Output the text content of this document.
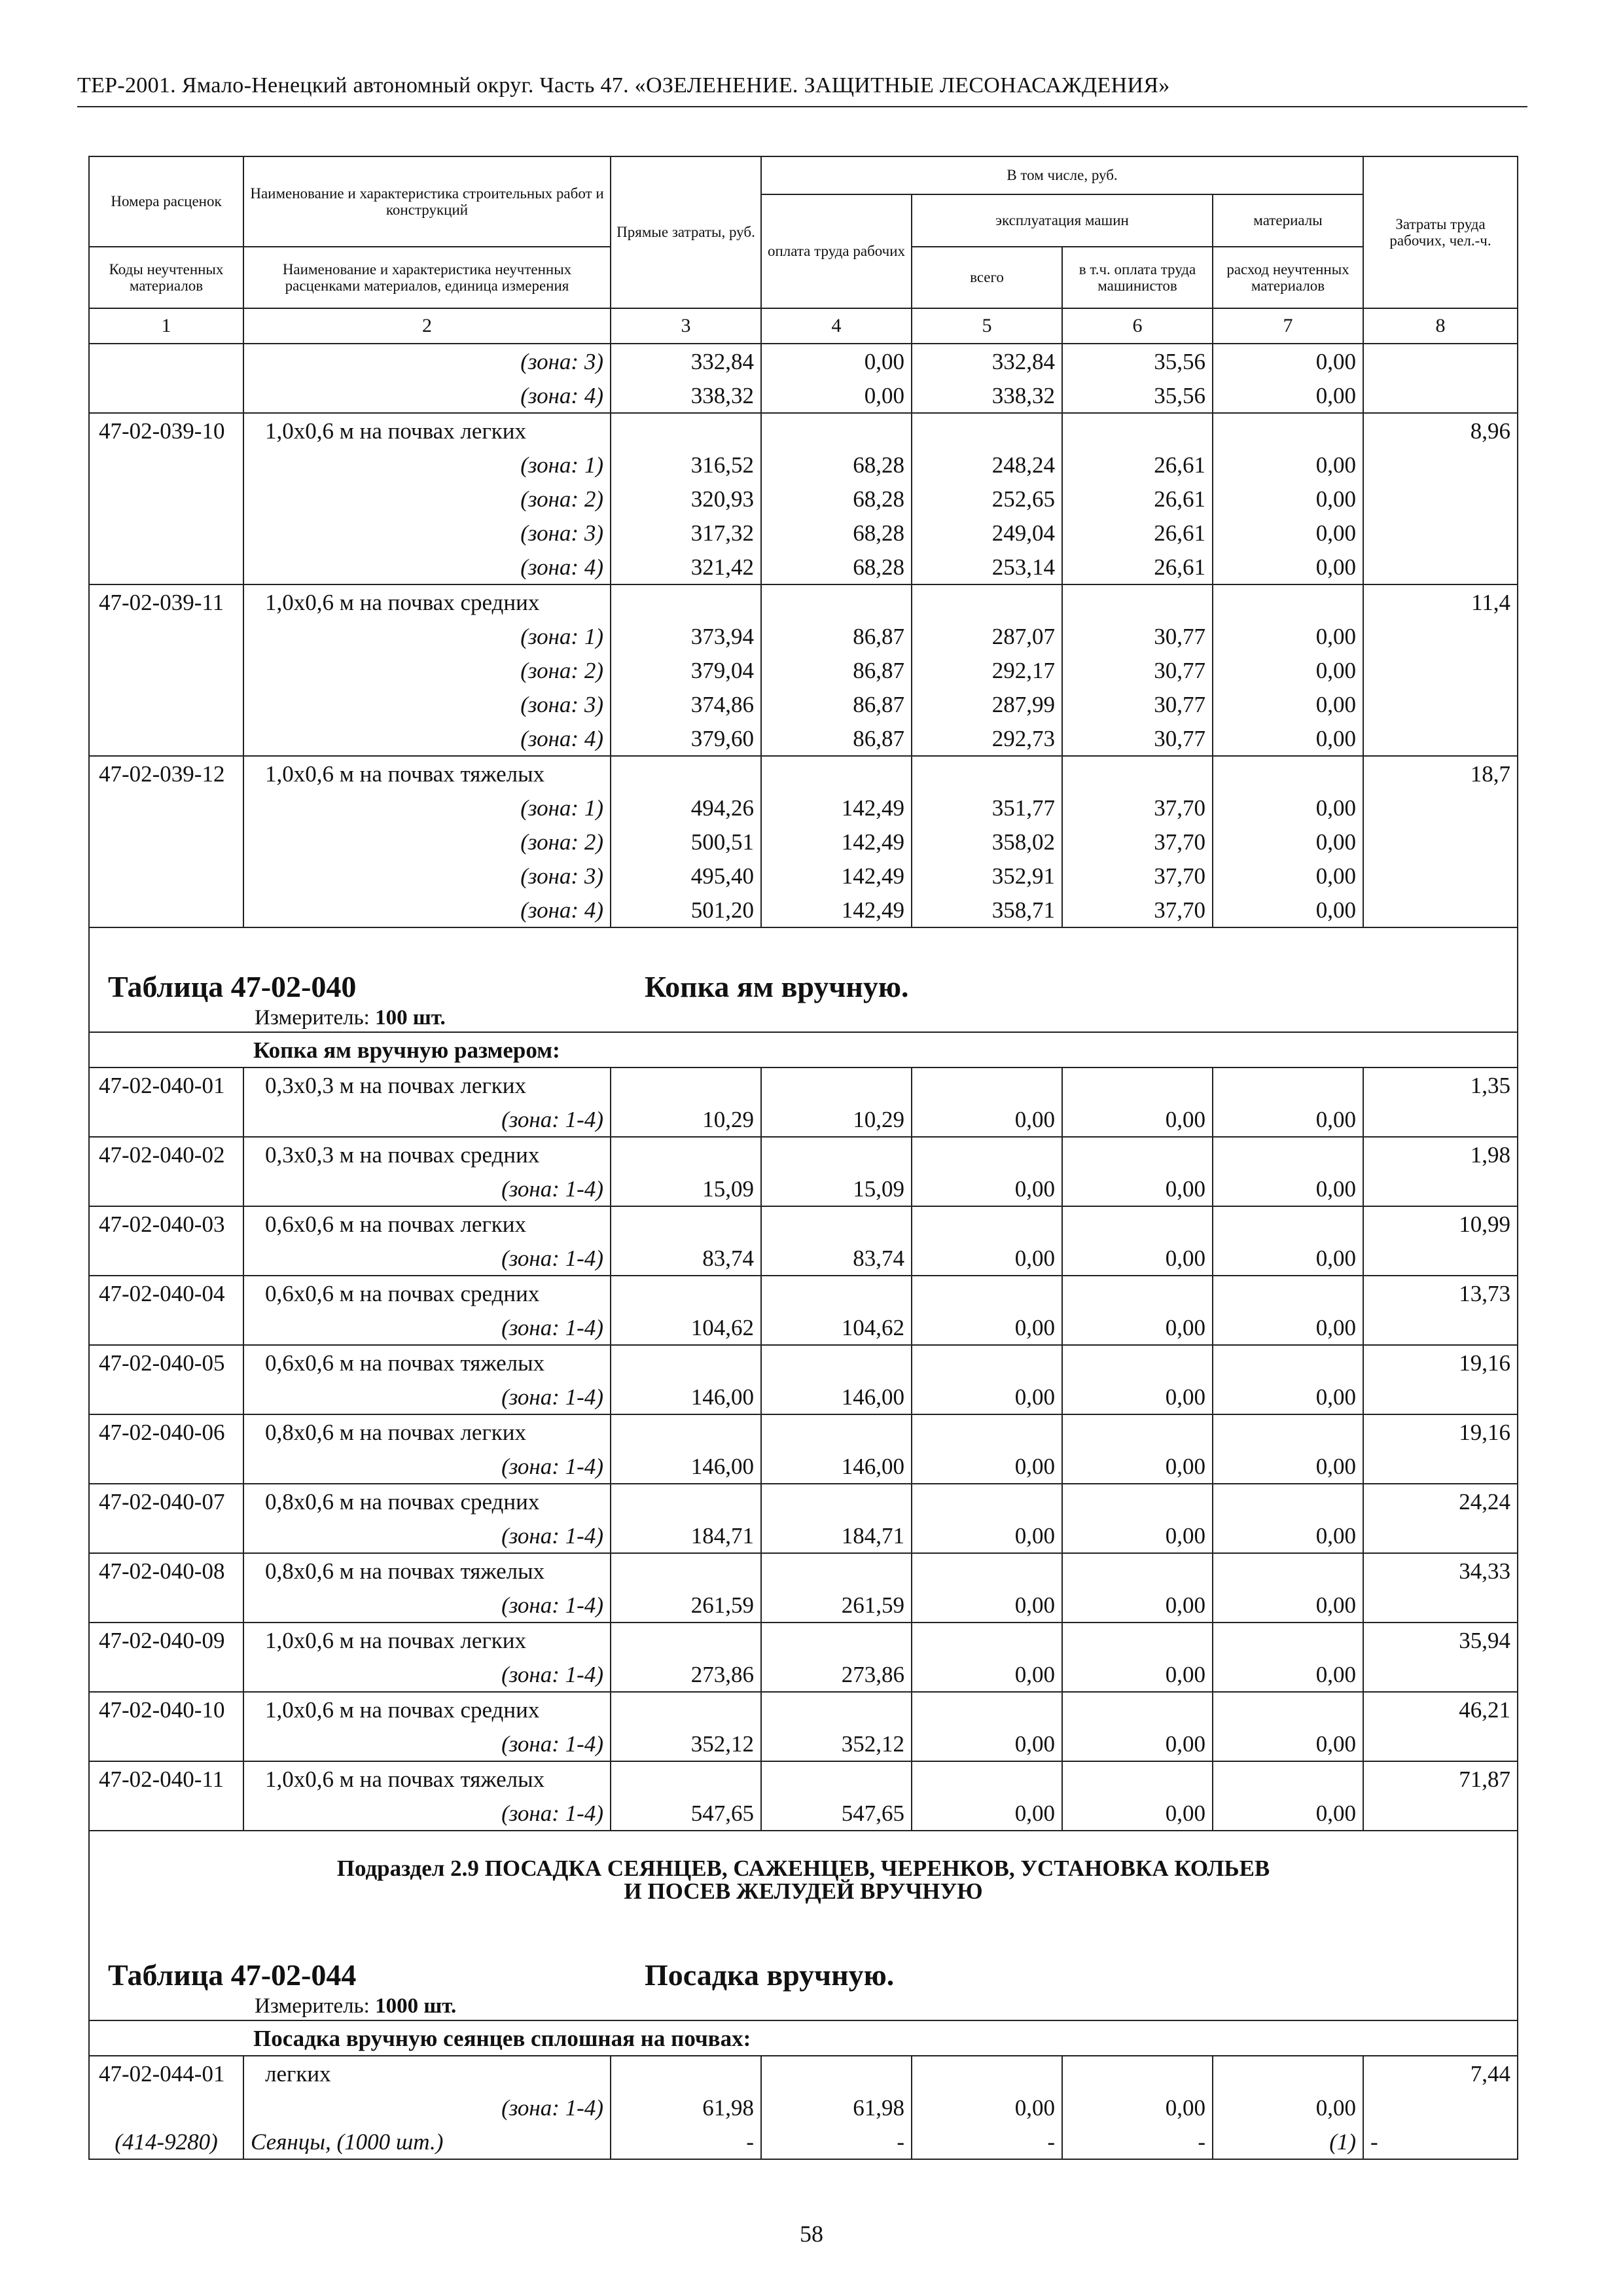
ТЕР-2001. Ямало-Ненецкий автономный округ. Часть 47. «ОЗЕЛЕНЕНИЕ. ЗАЩИТНЫЕ ЛЕСОНАСАЖДЕНИЯ»
Номера расценок	Наименование и характеристика строительных работ и конструкций	Прямые затраты, руб.	В том числе, руб.				Затраты труда рабочих, чел.-ч.
			оплата труда рабочих	эксплуатация машин		материалы	
Коды неучтенных материалов	Наименование и характеристика неучтенных расценками материалов, единица измерения			всего	в т.ч. оплата труда машинистов	расход неучтенных материалов	
1	2	3	4	5	6	7	8
	(зона: 3)	332,84	0,00	332,84	35,56	0,00	
	(зона: 4)	338,32	0,00	338,32	35,56	0,00	
47-02-039-10	1,0х0,6 м на почвах легких						8,96
	(зона: 1)	316,52	68,28	248,24	26,61	0,00	
	(зона: 2)	320,93	68,28	252,65	26,61	0,00	
	(зона: 3)	317,32	68,28	249,04	26,61	0,00	
	(зона: 4)	321,42	68,28	253,14	26,61	0,00	
47-02-039-11	1,0х0,6 м на почвах средних						11,4
	(зона: 1)	373,94	86,87	287,07	30,77	0,00	
	(зона: 2)	379,04	86,87	292,17	30,77	0,00	
	(зона: 3)	374,86	86,87	287,99	30,77	0,00	
	(зона: 4)	379,60	86,87	292,73	30,77	0,00	
47-02-039-12	1,0х0,6 м на почвах тяжелых						18,7
	(зона: 1)	494,26	142,49	351,77	37,70	0,00	
	(зона: 2)	500,51	142,49	358,02	37,70	0,00	
	(зона: 3)	495,40	142,49	352,91	37,70	0,00	
	(зона: 4)	501,20	142,49	358,71	37,70	0,00	

Таблица 47-02-040 Копка ям вручную.
Измеритель: 100 шт.							

Копка ям вручную размером:							
47-02-040-01	0,3х0,3 м на почвах легких						1,35
	(зона: 1-4)	10,29	10,29	0,00	0,00	0,00	
47-02-040-02	0,3х0,3 м на почвах средних						1,98
	(зона: 1-4)	15,09	15,09	0,00	0,00	0,00	
47-02-040-03	0,6х0,6 м на почвах легких						10,99
	(зона: 1-4)	83,74	83,74	0,00	0,00	0,00	
47-02-040-04	0,6х0,6 м на почвах средних						13,73
	(зона: 1-4)	104,62	104,62	0,00	0,00	0,00	
47-02-040-05	0,6х0,6 м на почвах тяжелых						19,16
	(зона: 1-4)	146,00	146,00	0,00	0,00	0,00	
47-02-040-06	0,8х0,6 м на почвах легких						19,16
	(зона: 1-4)	146,00	146,00	0,00	0,00	0,00	
47-02-040-07	0,8х0,6 м на почвах средних						24,24
	(зона: 1-4)	184,71	184,71	0,00	0,00	0,00	
47-02-040-08	0,8х0,6 м на почвах тяжелых						34,33
	(зона: 1-4)	261,59	261,59	0,00	0,00	0,00	
47-02-040-09	1,0х0,6 м на почвах легких						35,94
	(зона: 1-4)	273,86	273,86	0,00	0,00	0,00	
47-02-040-10	1,0х0,6 м на почвах средних						46,21
	(зона: 1-4)	352,12	352,12	0,00	0,00	0,00	
47-02-040-11	1,0х0,6 м на почвах тяжелых						71,87
	(зона: 1-4)	547,65	547,65	0,00	0,00	0,00	

Подраздел 2.9 ПОСАДКА СЕЯНЦЕВ, САЖЕНЦЕВ, ЧЕРЕНКОВ, УСТАНОВКА КОЛЬЕВ
И ПОСЕВ ЖЕЛУДЕЙ ВРУЧНУЮ							

Таблица 47-02-044 Посадка вручную.
Измеритель: 1000 шт.							

Посадка вручную сеянцев сплошная на почвах:							
47-02-044-01	легких						7,44
	(зона: 1-4)	61,98	61,98	0,00	0,00	0,00	
(414-9280)	Сеянцы, (1000 шт.)	-	-	-	-	(1)	-
58
